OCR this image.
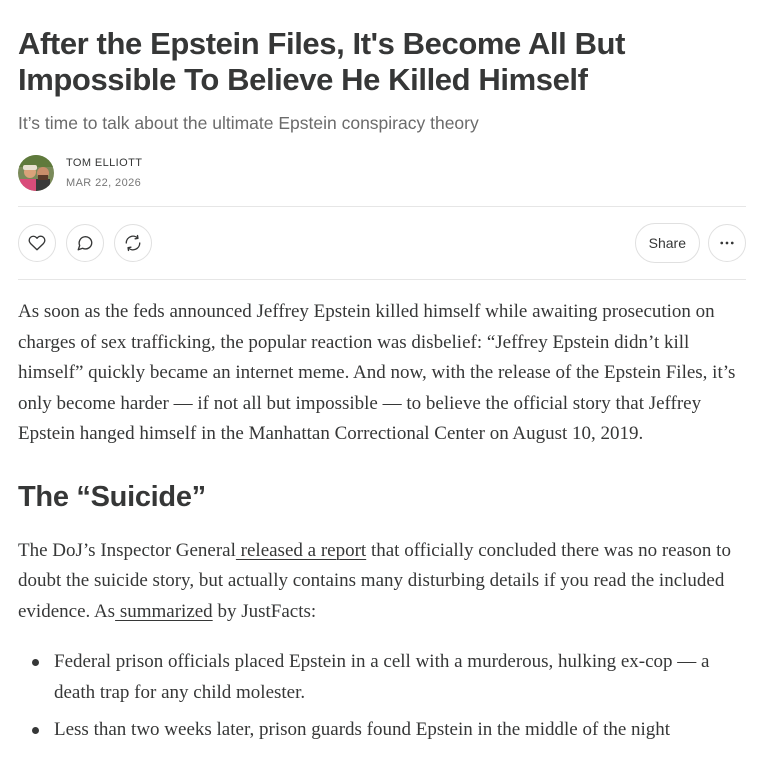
After the Epstein Files, It's Become All But Impossible To Believe He Killed Himself

It’s time to talk about the ultimate Epstein conspiracy theory

TOM ELLIOTT
MAR 22, 2026
Share

As soon as the feds announced Jeffrey Epstein killed himself while awaiting prosecution on charges of sex trafficking, the popular reaction was disbelief: “Jeffrey Epstein didn’t kill himself” quickly became an internet meme. And now, with the release of the Epstein Files, it’s only become harder — if not all but impossible — to believe the official story that Jeffrey Epstein hanged himself in the Manhattan Correctional Center on August 10, 2019.

The “Suicide”

The DoJ’s Inspector General released a report that officially concluded there was no reason to doubt the suicide story, but actually contains many disturbing details if you read the included evidence. As summarized by JustFacts:

Federal prison officials placed Epstein in a cell with a murderous, hulking ex-cop — a death trap for any child molester.
Less than two weeks later, prison guards found Epstein in the middle of the night
